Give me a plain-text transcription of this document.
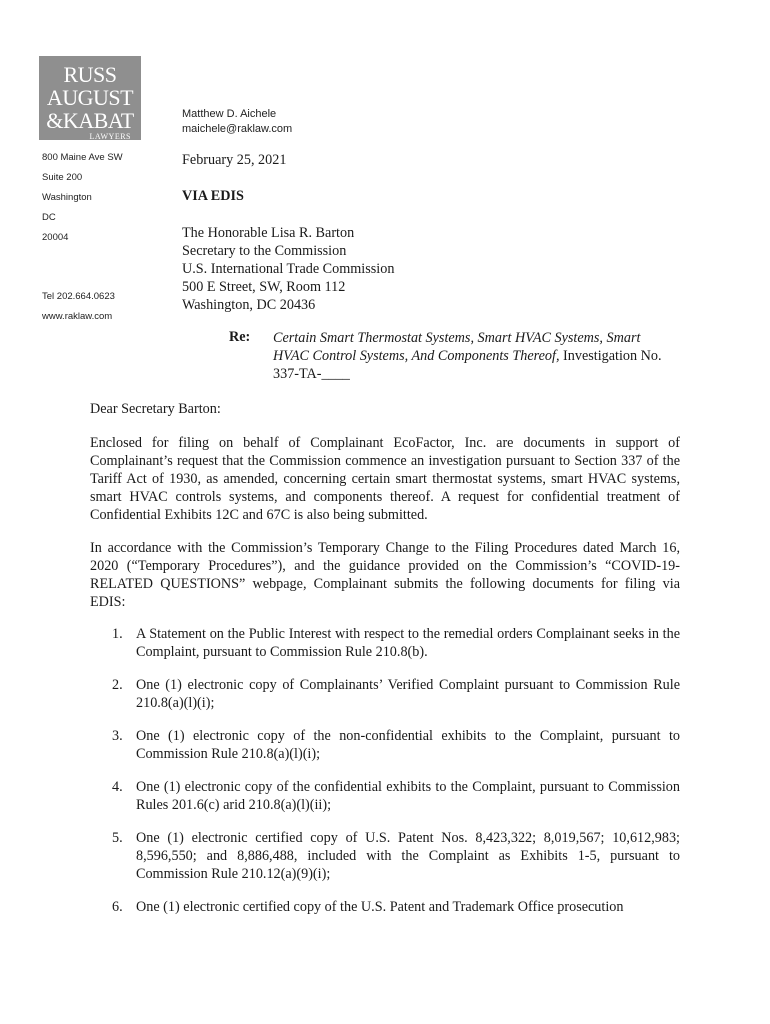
RUSS
AUGUST
&KABAT
LAWYERS
Matthew D. Aichele
maichele@raklaw.com
800 Maine Ave SW
Suite 200
Washington
DC
20004
Tel 202.664.0623
www.raklaw.com
February 25, 2021
VIA EDIS
The Honorable Lisa R. Barton
Secretary to the Commission
U.S. International Trade Commission
500 E Street, SW, Room 112
Washington, DC 20436
Re: Certain Smart Thermostat Systems, Smart HVAC Systems, Smart HVAC Control Systems, And Components Thereof, Investigation No. 337-TA-____
Dear Secretary Barton:
Enclosed for filing on behalf of Complainant EcoFactor, Inc. are documents in support of Complainant’s request that the Commission commence an investigation pursuant to Section 337 of the Tariff Act of 1930, as amended, concerning certain smart thermostat systems, smart HVAC systems, smart HVAC controls systems, and components thereof. A request for confidential treatment of Confidential Exhibits 12C and 67C is also being submitted.
In accordance with the Commission’s Temporary Change to the Filing Procedures dated March 16, 2020 (“Temporary Procedures”), and the guidance provided on the Commission’s “COVID-19-RELATED QUESTIONS” webpage, Complainant submits the following documents for filing via EDIS:
1. A Statement on the Public Interest with respect to the remedial orders Complainant seeks in the Complaint, pursuant to Commission Rule 210.8(b).
2. One (1) electronic copy of Complainants’ Verified Complaint pursuant to Commission Rule 210.8(a)(l)(i);
3. One (1) electronic copy of the non-confidential exhibits to the Complaint, pursuant to Commission Rule 210.8(a)(l)(i);
4. One (1) electronic copy of the confidential exhibits to the Complaint, pursuant to Commission Rules 201.6(c) arid 210.8(a)(l)(ii);
5. One (1) electronic certified copy of U.S. Patent Nos. 8,423,322; 8,019,567; 10,612,983; 8,596,550; and 8,886,488, included with the Complaint as Exhibits 1-5, pursuant to Commission Rule 210.12(a)(9)(i);
6. One (1) electronic certified copy of the U.S. Patent and Trademark Office prosecution
